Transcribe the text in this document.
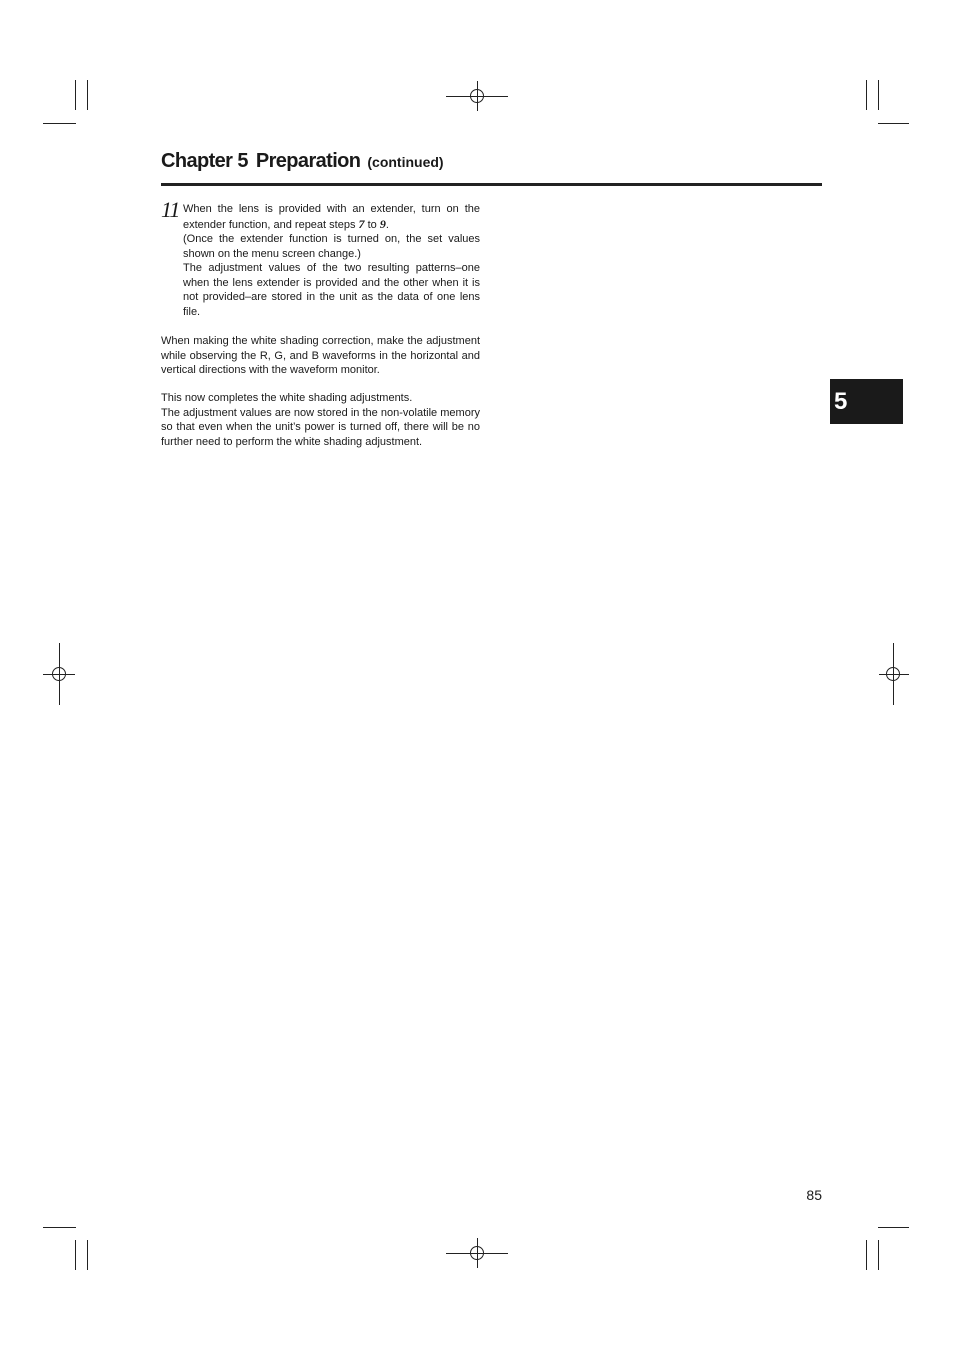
Chapter 5 Preparation (continued)
11 When the lens is provided with an extender, turn on the extender function, and repeat steps 7 to 9.

(Once the extender function is turned on, the set values shown on the menu screen change.)

The adjustment values of the two resulting patterns–one when the lens extender is provided and the other when it is not provided–are stored in the unit as the data of one lens file.

When making the white shading correction, make the adjustment while observing the R, G, and B waveforms in the horizontal and vertical directions with the waveform monitor.

This now completes the white shading adjustments.

The adjustment values are now stored in the non-volatile memory so that even when the unit’s power is turned off, there will be no further need to perform the white shading adjustment.

5
85
